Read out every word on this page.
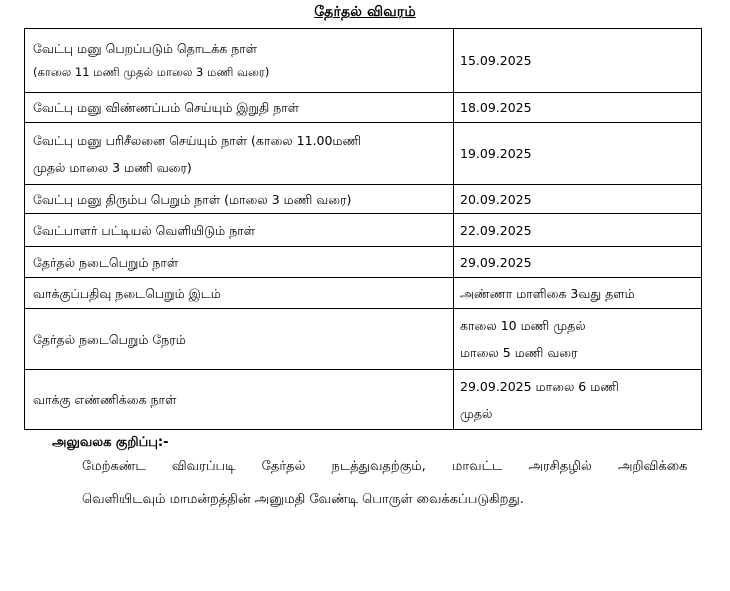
தேர்தல் விவரம்
வேட்பு மனு பெறப்படும் தொடக்க நாள்
(காலை 11 மணி முதல் மாலை 3 மணி வரை)	15.09.2025
வேட்பு மனு விண்ணப்பம் செய்யும் இறுதி நாள்	18.09.2025

வேட்பு மனு பரிசீலனை செய்யும் நாள் (காலை 11.00மணி
முதல் மாலை 3 மணி வரை)	19.09.2025
வேட்பு மனு திரும்ப பெறும் நாள் (மாலை 3 மணி வரை)	20.09.2025
வேட்பாளர் பட்டியல் வெளியிடும் நாள்	22.09.2025
தேர்தல் நடைபெறும் நாள்	29.09.2025
வாக்குப்பதிவு நடைபெறும் இடம்	அண்ணா மாளிகை 3வது தளம்
தேர்தல் நடைபெறும் நேரம்	காலை 10 மணி முதல்
மாலை 5 மணி வரை

வாக்கு எண்ணிக்கை நாள்	29.09.2025 மாலை 6 மணி
முதல்
அலுவலக குறிப்பு:-
மேற்கண்ட விவரப்படி தேர்தல் நடத்துவதற்கும், மாவட்ட அரசிதழில் அறிவிக்கை
வெளியிடவும் மாமன்றத்தின் அனுமதி வேண்டி பொருள் வைக்கப்படுகிறது.
